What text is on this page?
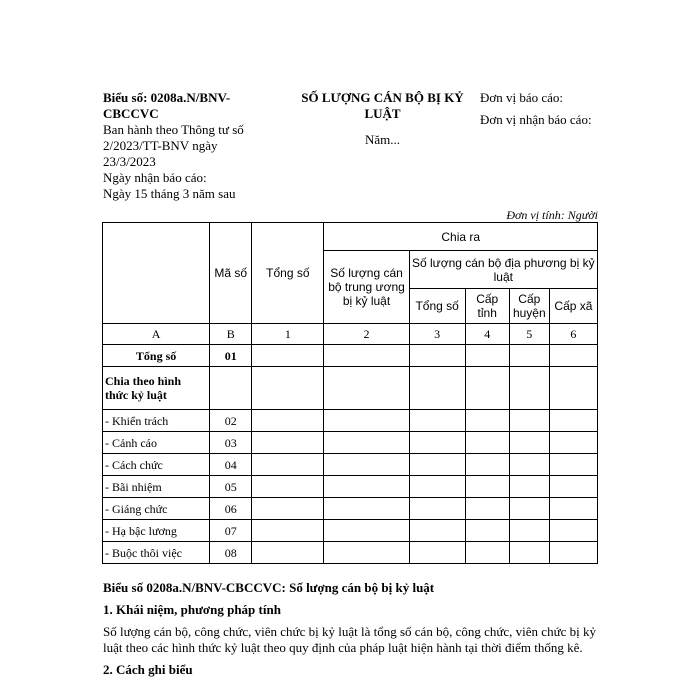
Biểu số: 0208a.N/BNV-CBCCVC
Ban hành theo Thông tư số 2/2023/TT-BNV ngày 23/3/2023
Ngày nhận báo cáo:
Ngày 15 tháng 3 năm sau
SỐ LƯỢNG CÁN BỘ BỊ KỶ LUẬT
Năm...
Đơn vị báo cáo:
Đơn vị nhận báo cáo:
Đơn vị tính: Người
	Mã số	Tổng số	Chia ra				
			Số lượng cán bộ trung ương bị kỷ luật	Số lượng cán bộ địa phương bị kỷ luật			
				Tổng số	Cấp tỉnh	Cấp huyện	Cấp xã
A	B	1	2	3	4	5	6
Tổng số	01						
Chia theo hình thức kỷ luật							
- Khiển trách	02						
- Cảnh cáo	03						
- Cách chức	04						
- Bãi nhiệm	05						
- Giáng chức	06						
- Hạ bậc lương	07						
- Buộc thôi việc	08						
Biểu số 0208a.N/BNV-CBCCVC: Số lượng cán bộ bị kỷ luật
1. Khái niệm, phương pháp tính

Số lượng cán bộ, công chức, viên chức bị kỷ luật là tổng số cán bộ, công chức, viên chức bị kỷ luật theo các hình thức kỷ luật theo quy định của pháp luật hiện hành tại thời điểm thống kê.

2. Cách ghi biểu
